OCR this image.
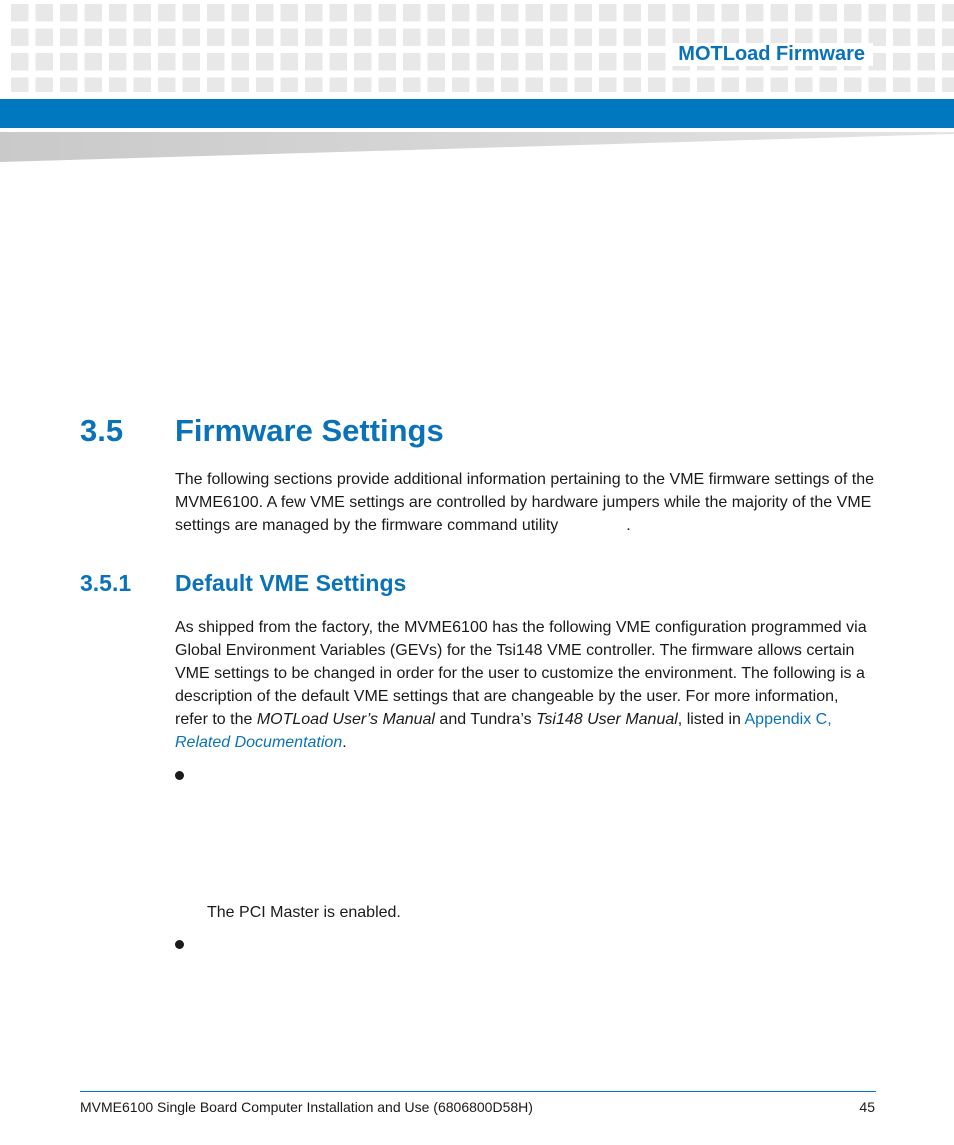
MOTLoad Firmware
3.5 Firmware Settings
The following sections provide additional information pertaining to the VME firmware settings of the MVME6100. A few VME settings are controlled by hardware jumpers while the majority of the VME settings are managed by the firmware command utility	.
3.5.1 Default VME Settings
As shipped from the factory, the MVME6100 has the following VME configuration programmed via Global Environment Variables (GEVs) for the Tsi148 VME controller. The firmware allows certain VME settings to be changed in order for the user to customize the environment. The following is a description of the default VME settings that are changeable by the user. For more information, refer to the MOTLoad User’s Manual and Tundra’s Tsi148 User Manual, listed in Appendix C, Related Documentation.
The PCI Master is enabled.
MVME6100 Single Board Computer Installation and Use (6806800D58H)	45
